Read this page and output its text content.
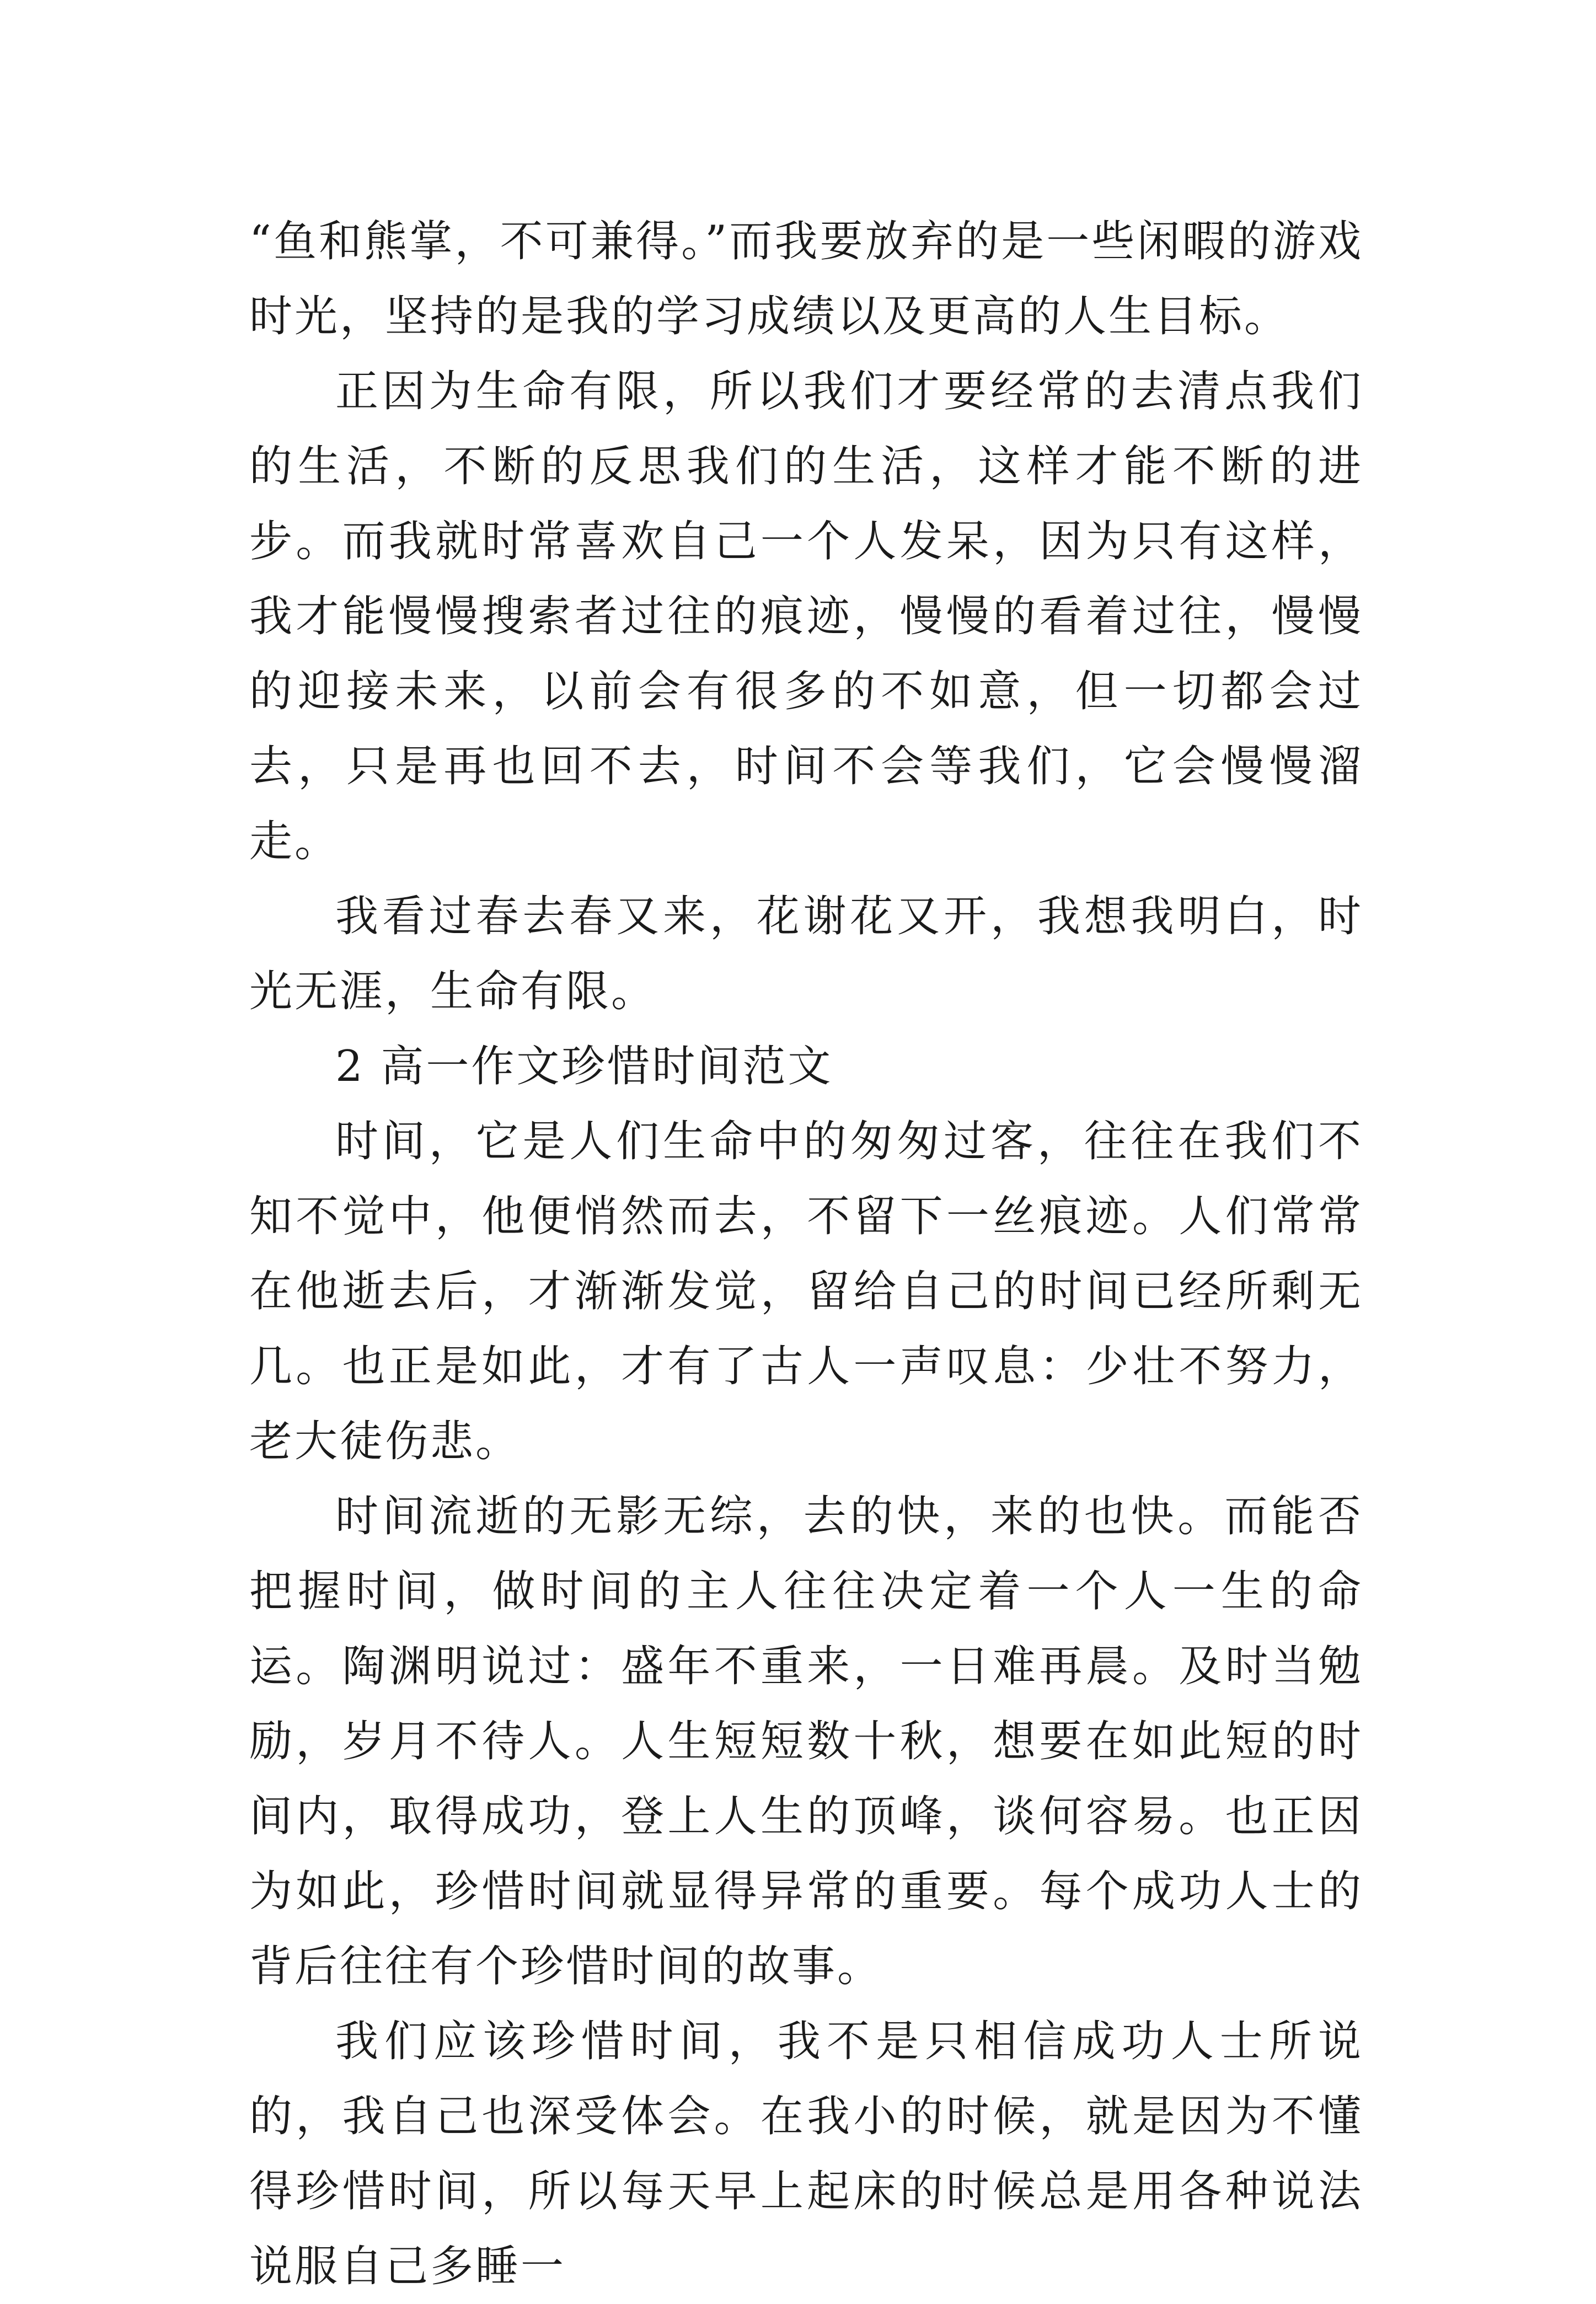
“鱼和熊掌，不可兼得。”而我要放弃的是一些闲暇的游戏时光，坚持的是我的学习成绩以及更高的人生目标。

正因为生命有限，所以我们才要经常的去清点我们的生活，不断的反思我们的生活，这样才能不断的进步。而我就时常喜欢自己一个人发呆，因为只有这样，我才能慢慢搜索者过往的痕迹，慢慢的看着过往，慢慢的迎接未来，以前会有很多的不如意，但一切都会过去，只是再也回不去，时间不会等我们，它会慢慢溜走。

我看过春去春又来，花谢花又开，我想我明白，时光无涯，生命有限。

2 高一作文珍惜时间范文

时间，它是人们生命中的匆匆过客，往往在我们不知不觉中，他便悄然而去，不留下一丝痕迹。人们常常在他逝去后，才渐渐发觉，留给自己的时间已经所剩无几。也正是如此，才有了古人一声叹息：少壮不努力，老大徒伤悲。

时间流逝的无影无综，去的快，来的也快。而能否把握时间，做时间的主人往往决定着一个人一生的命运。陶渊明说过：盛年不重来，一日难再晨。及时当勉励，岁月不待人。人生短短数十秋，想要在如此短的时间内，取得成功，登上人生的顶峰，谈何容易。也正因为如此，珍惜时间就显得异常的重要。每个成功人士的背后往往有个珍惜时间的故事。

我们应该珍惜时间，我不是只相信成功人士所说的，我自己也深受体会。在我小的时候，就是因为不懂得珍惜时间，所以每天早上起床的时候总是用各种说法说服自己多睡一
